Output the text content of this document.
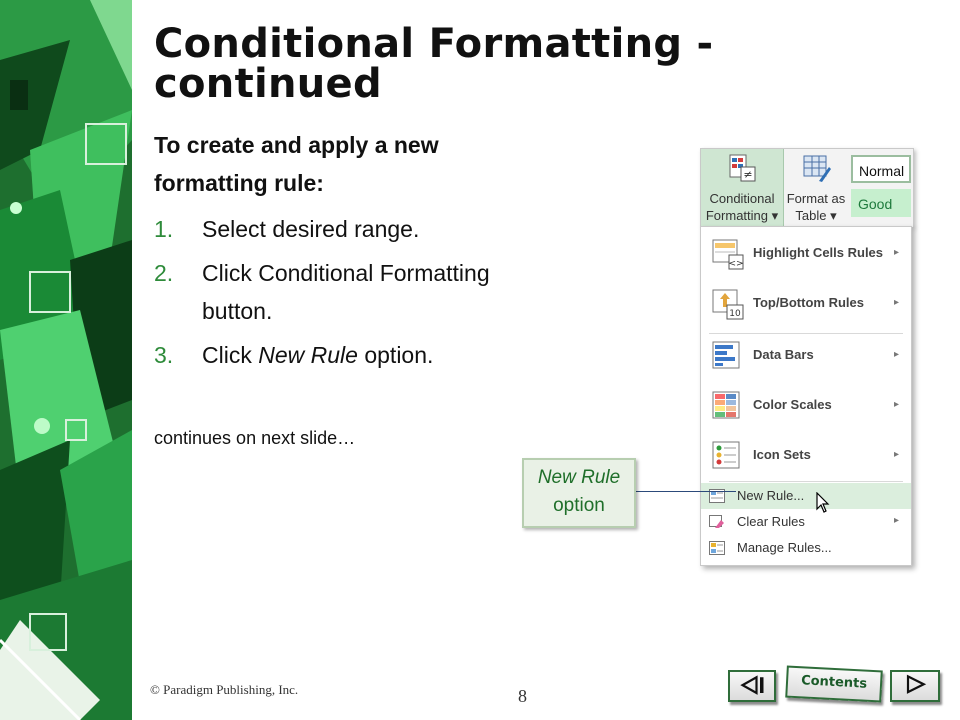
Conditional Formatting - continued
To create and apply a new formatting rule:
1. Select desired range.
2. Click Conditional Formatting button.
3. Click New Rule option.
continues on next slide…
≠
Conditional
Formatting ▾
Format as
Table ▾
Normal
Good
<>
Highlight Cells Rules ▸
10
Top/Bottom Rules	▸
Data Bars	▸
Color Scales	▸
Icon Sets	▸
New Rule...
Clear Rules	▸
Manage Rules...
New Rule
option
© Paradigm Publishing, Inc.	8
Contents
